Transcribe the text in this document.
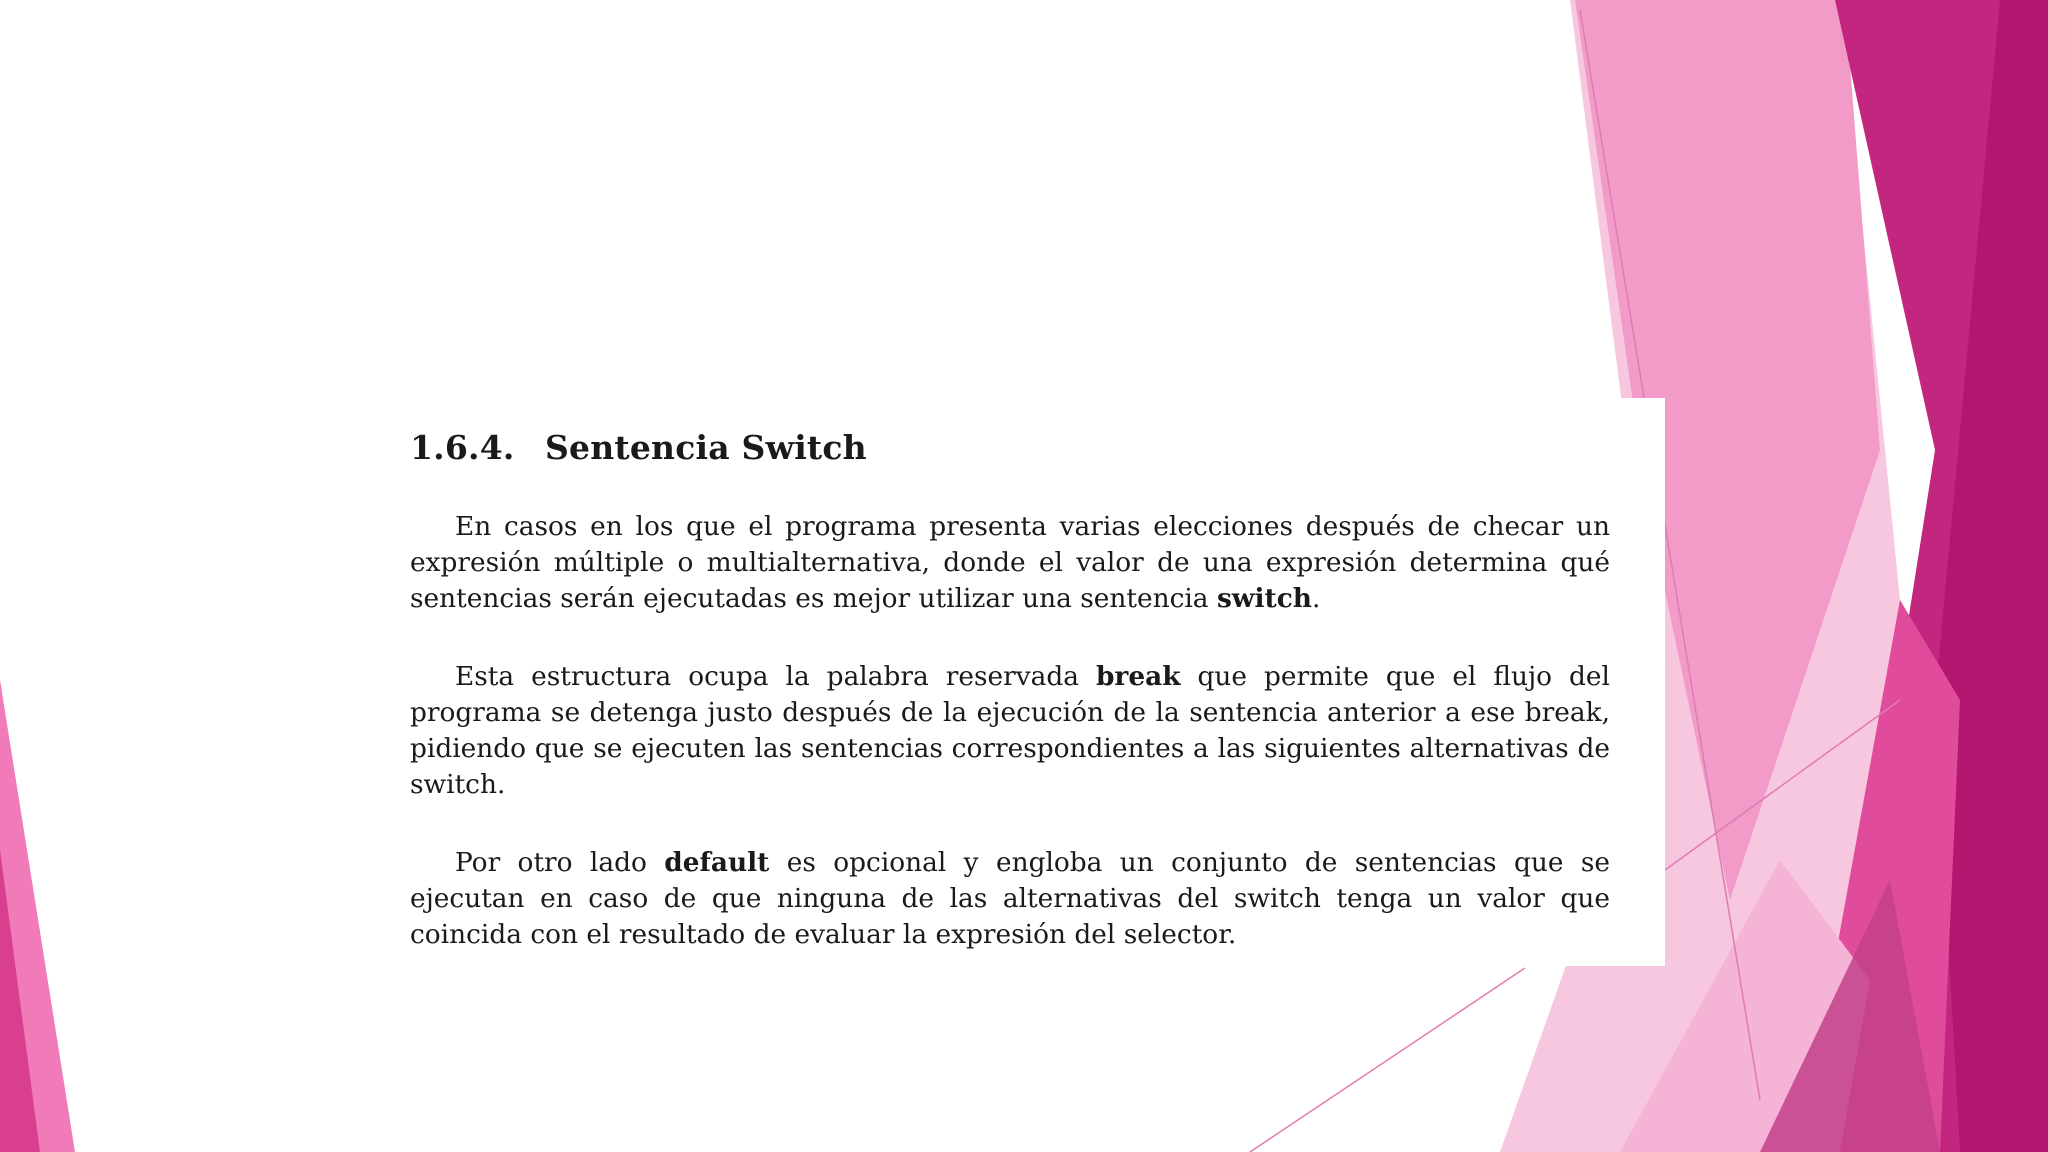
1.6.4. Sentencia Switch

En casos en los que el programa presenta varias elecciones después de checar un expresión múltiple o multialternativa, donde el valor de una expresión determina qué sentencias serán ejecutadas es mejor utilizar una sentencia switch.

Esta estructura ocupa la palabra reservada break que permite que el flujo del programa se detenga justo después de la ejecución de la sentencia anterior a ese break, pidiendo que se ejecuten las sentencias correspondientes a las siguientes alternativas de switch.

Por otro lado default es opcional y engloba un conjunto de sentencias que se ejecutan en caso de que ninguna de las alternativas del switch tenga un valor que coincida con el resultado de evaluar la expresión del selector.
